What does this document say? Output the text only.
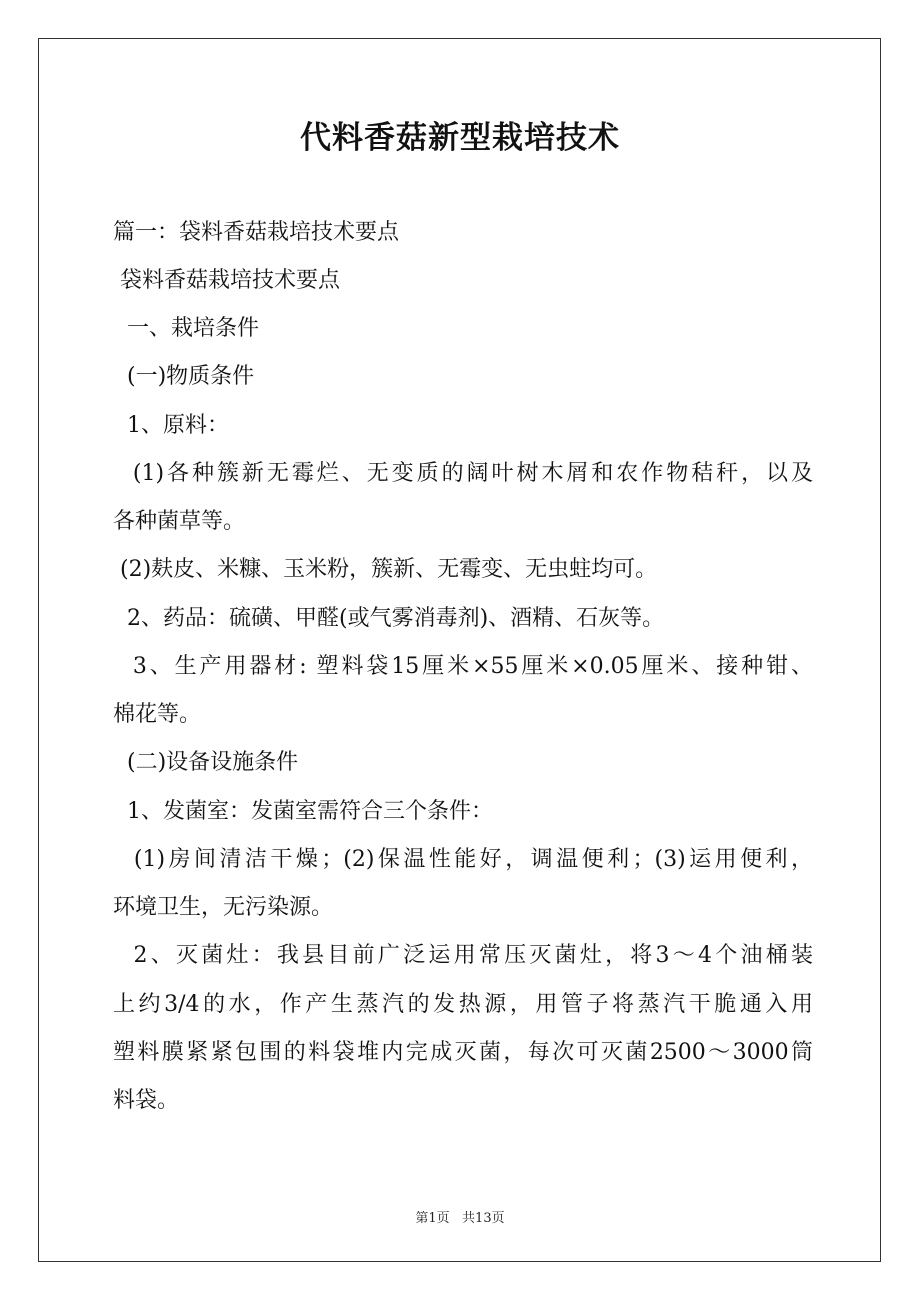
代料香菇新型栽培技术
篇一：袋料香菇栽培技术要点
袋料香菇栽培技术要点
一、栽培条件
(一)物质条件
1、原料：
(1)各种簇新无霉烂、无变质的阔叶树木屑和农作物秸秆，以及
各种菌草等。
(2)麸皮、米糠、玉米粉，簇新、无霉变、无虫蛀均可。
2、药品：硫磺、甲醛(或气雾消毒剂)、酒精、石灰等。
3、生产用器材: 塑料袋15厘米×55厘米×0.05厘米、接种钳、
棉花等。
(二)设备设施条件
1、发菌室：发菌室需符合三个条件：
(1)房间清洁干燥；(2)保温性能好，调温便利；(3)运用便利，
环境卫生，无污染源。
2、灭菌灶：我县目前广泛运用常压灭菌灶，将3～4个油桶装
上约3/4的水，作产生蒸汽的发热源，用管子将蒸汽干脆通入用
塑料膜紧紧包围的料袋堆内完成灭菌，每次可灭菌2500～3000筒
料袋。
第1页   共13页
